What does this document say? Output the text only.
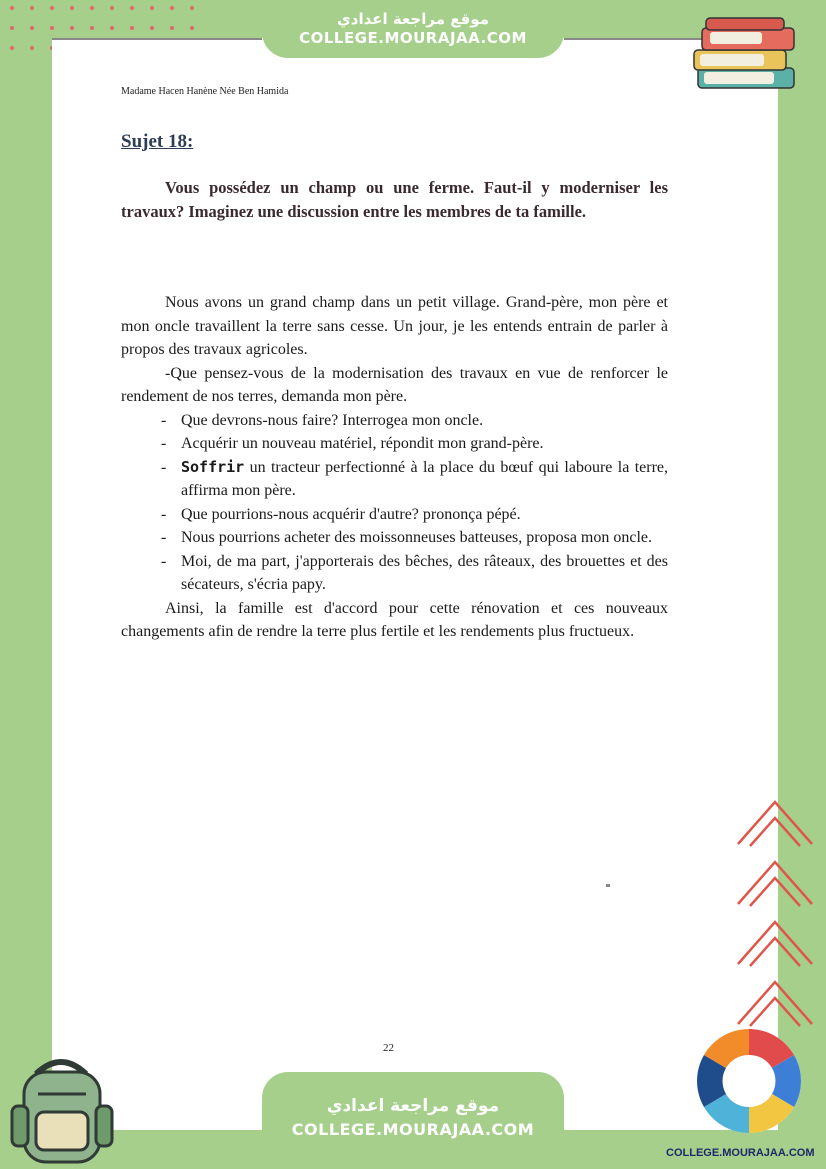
موقع مراجعة اعدادي
COLLEGE.MOURAJAA.COM
Madame Hacen Hanène Née Ben Hamida
Sujet 18:
Vous possédez un champ ou une ferme. Faut-il y moderniser les travaux? Imaginez une discussion entre les membres de ta famille.

Nous avons un grand champ dans un petit village. Grand-père, mon père et mon oncle travaillent la terre sans cesse. Un jour, je les entends entrain de parler à propos des travaux agricoles.

-Que pensez-vous de la modernisation des travaux en vue de renforcer le rendement de nos terres, demanda mon père.

- Que devrons-nous faire? Interrogea mon oncle.
- Acquérir un nouveau matériel, répondit mon grand-père.
- Soffrir un tracteur perfectionné à la place du bœuf qui laboure la terre, affirma mon père.
- Que pourrions-nous acquérir d'autre? prononça pépé.
- Nous pourrions acheter des moissonneuses batteuses, proposa mon oncle.
- Moi, de ma part, j'apporterais des bêches, des râteaux, des brouettes et des sécateurs, s'écria papy.

Ainsi, la famille est d'accord pour cette rénovation et ces nouveaux changements afin de rendre la terre plus fertile et les rendements plus fructueux.

22
موقع مراجعة اعدادي
COLLEGE.MOURAJAA.COM
COLLEGE.MOURAJAA.COM
